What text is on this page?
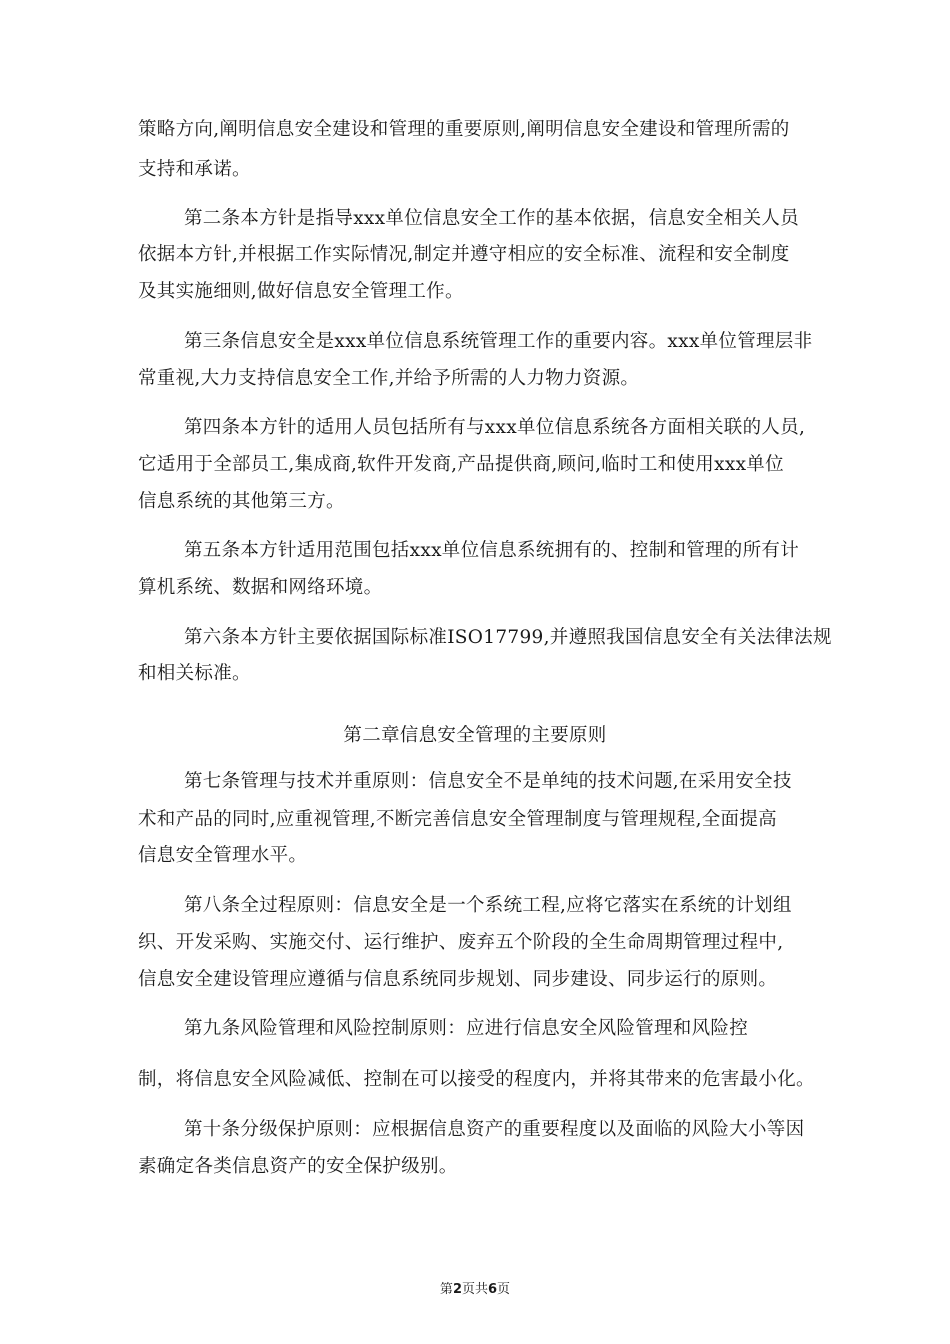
策略方向,阐明信息安全建设和管理的重要原则,阐明信息安全建设和管理所需的
支持和承诺。
第二条本方针是指导xxx单位信息安全工作的基本依据，信息安全相关人员
依据本方针,并根据工作实际情况,制定并遵守相应的安全标准、流程和安全制度
及其实施细则,做好信息安全管理工作。
第三条信息安全是xxx单位信息系统管理工作的重要内容。xxx单位管理层非
常重视,大力支持信息安全工作,并给予所需的人力物力资源。
第四条本方针的适用人员包括所有与xxx单位信息系统各方面相关联的人员,
它适用于全部员工,集成商,软件开发商,产品提供商,顾问,临时工和使用xxx单位
信息系统的其他第三方。
第五条本方针适用范围包括xxx单位信息系统拥有的、控制和管理的所有计
算机系统、数据和网络环境。
第六条本方针主要依据国际标准ISO17799,并遵照我国信息安全有关法律法规
和相关标准。
第二章信息安全管理的主要原则
第七条管理与技术并重原则：信息安全不是单纯的技术问题,在采用安全技
术和产品的同时,应重视管理,不断完善信息安全管理制度与管理规程,全面提高
信息安全管理水平。
第八条全过程原则：信息安全是一个系统工程,应将它落实在系统的计划组
织、开发采购、实施交付、运行维护、废弃五个阶段的全生命周期管理过程中,
信息安全建设管理应遵循与信息系统同步规划、同步建设、同步运行的原则。
第九条风险管理和风险控制原则：应进行信息安全风险管理和风险控
制，将信息安全风险减低、控制在可以接受的程度内，并将其带来的危害最小化。
第十条分级保护原则：应根据信息资产的重要程度以及面临的风险大小等因
素确定各类信息资产的安全保护级别。
第2页共6页
